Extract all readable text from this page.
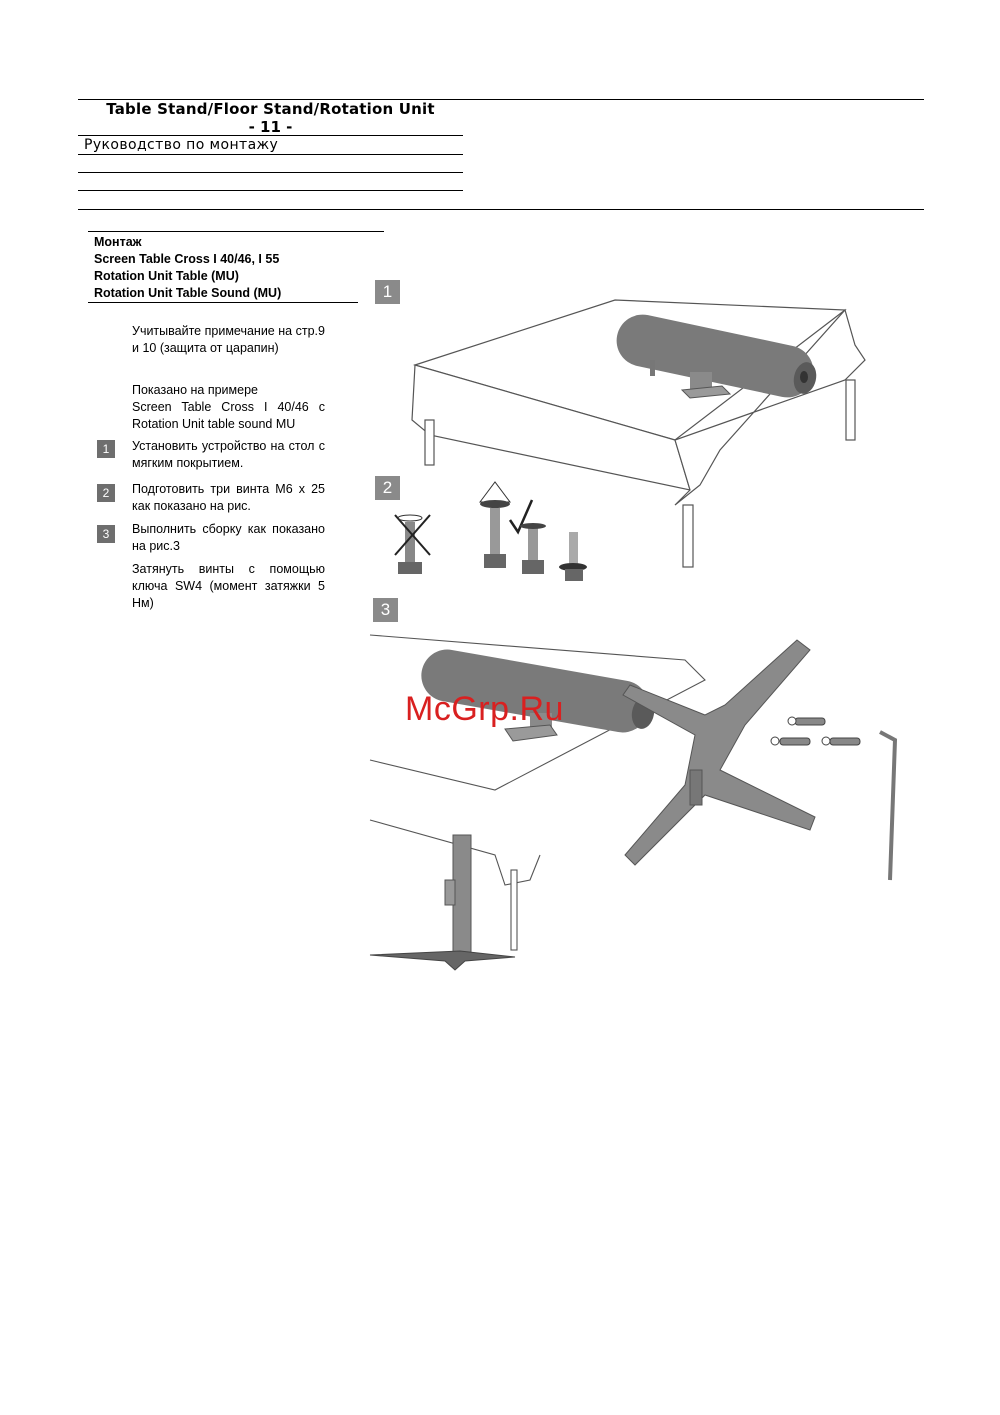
Table Stand/Floor Stand/Rotation Unit
- 11 -
Руководство по монтажу
Монтаж
Screen Table Cross I 40/46, I 55
Rotation Unit Table (MU)
Rotation Unit Table Sound (MU)
Учитывайте примечание на стр.9 и 10 (защита от царапин)
Показано на примере
Screen Table Cross I 40/46 с
Rotation Unit table sound MU
1	Установить устройство на стол с мягким покрытием.
2	Подготовить три винта М6 х 25 как показано на рис.
3	Выполнить сборку как показано на рис.3
Затянуть винты с помощью ключа SW4 (момент затяжки 5 Нм)
1
2
3
McGrp.Ru
